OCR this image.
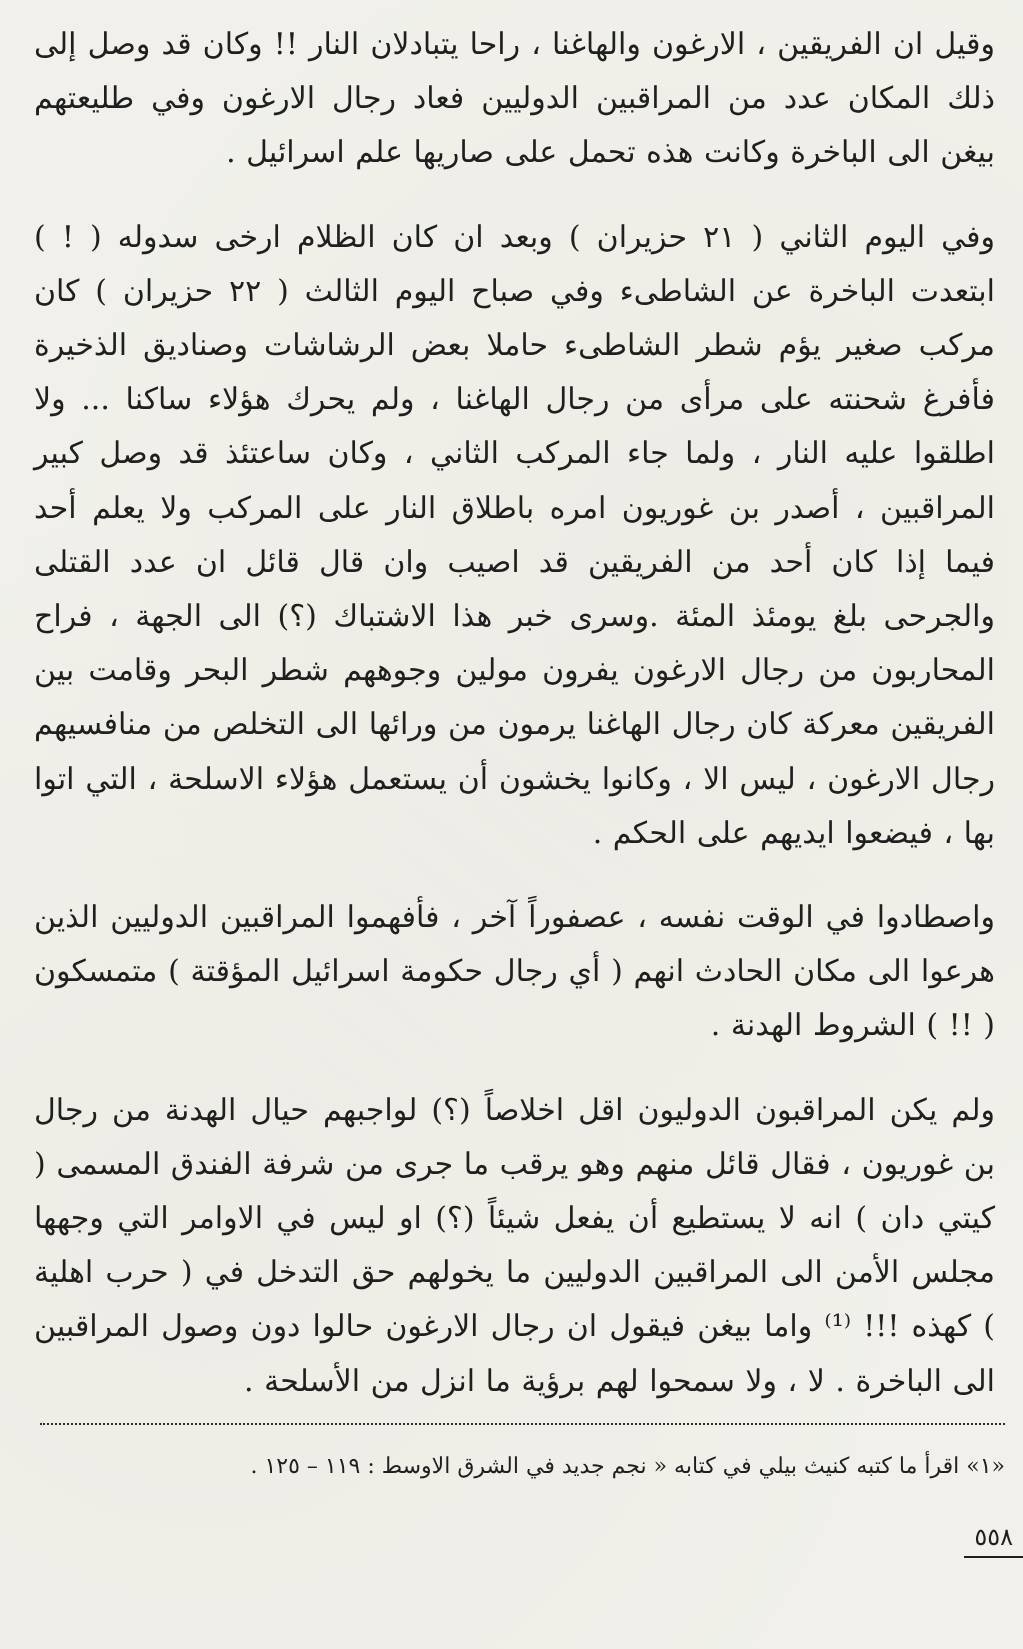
وقيل ان الفريقين ، الارغون والهاغنا ، راحا يتبادلان النار !! وكان قد وصل إلى ذلك المكان عدد من المراقبين الدوليين فعاد رجال الارغون وفي طليعتهم بيغن الى الباخرة وكانت هذه تحمل على صاريها علم اسرائيل .

وفي اليوم الثاني ( ٢١ حزيران ) وبعد ان كان الظلام ارخى سدوله ( ! ) ابتعدت الباخرة عن الشاطىء وفي صباح اليوم الثالث ( ٢٢ حزيران ) كان مركب صغير يؤم شطر الشاطىء حاملا بعض الرشاشات وصناديق الذخيرة فأفرغ شحنته على مرأى من رجال الهاغنا ، ولم يحرك هؤلاء ساكنا ... ولا اطلقوا عليه النار ، ولما جاء المركب الثاني ، وكان ساعتئذ قد وصل كبير المراقبين ، أصدر بن غوريون امره باطلاق النار على المركب ولا يعلم أحد فيما إذا كان أحد من الفريقين قد اصيب وان قال قائل ان عدد القتلى والجرحى بلغ يومئذ المئة .وسرى خبر هذا الاشتباك (؟) الى الجهة ، فراح المحاربون من رجال الارغون يفرون مولين وجوههم شطر البحر وقامت بين الفريقين معركة كان رجال الهاغنا يرمون من ورائها الى التخلص من منافسيهم رجال الارغون ، ليس الا ، وكانوا يخشون أن يستعمل هؤلاء الاسلحة ، التي اتوا بها ، فيضعوا ايديهم على الحكم .

واصطادوا في الوقت نفسه ، عصفوراً آخر ، فأفهموا المراقبين الدوليين الذين هرعوا الى مكان الحادث انهم ( أي رجال حكومة اسرائيل المؤقتة ) متمسكون ( !! ) الشروط الهدنة .

ولم يكن المراقبون الدوليون اقل اخلاصاً (؟) لواجبهم حيال الهدنة من رجال بن غوريون ، فقال قائل منهم وهو يرقب ما جرى من شرفة الفندق المسمى ( كيتي دان ) انه لا يستطيع أن يفعل شيئاً (؟) او ليس في الاوامر التي وجهها مجلس الأمن الى المراقبين الدوليين ما يخولهم حق التدخل في ( حرب اهلية ) كهذه !!! ⁽¹⁾ واما بيغن فيقول ان رجال الارغون حالوا دون وصول المراقبين الى الباخرة . لا ، ولا سمحوا لهم برؤية ما انزل من الأسلحة .

«١» اقرأ ما كتبه كنيث بيلي في كتابه « نجم جديد في الشرق الاوسط : ١١٩ – ١٢٥ .

٥٥٨
